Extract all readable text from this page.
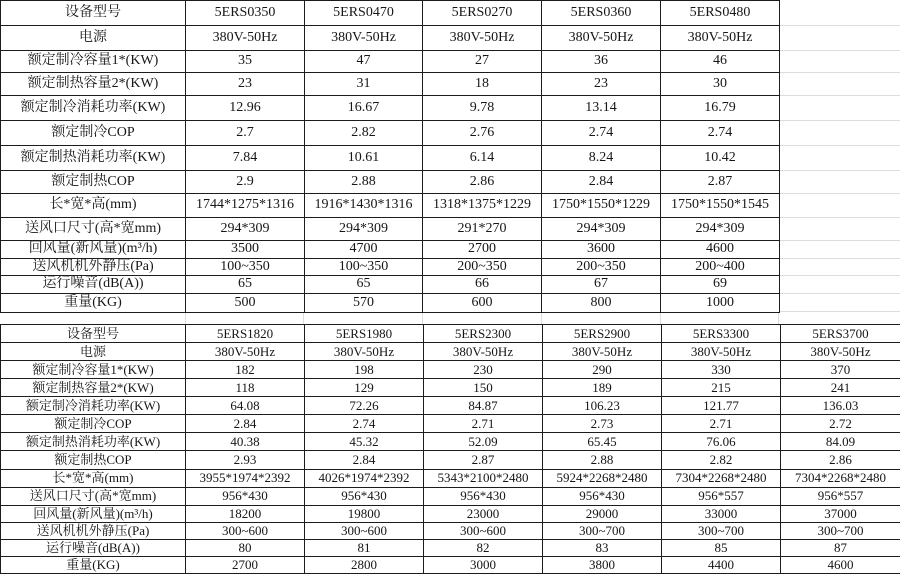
设备型号	5ERS0350	5ERS0470	5ERS0270	5ERS0360	5ERS0480
电源	380V-50Hz	380V-50Hz	380V-50Hz	380V-50Hz	380V-50Hz
额定制冷容量1*(KW)	35	47	27	36	46
额定制热容量2*(KW)	23	31	18	23	30
额定制冷消耗功率(KW)	12.96	16.67	9.78	13.14	16.79
额定制冷COP	2.7	2.82	2.76	2.74	2.74
额定制热消耗功率(KW)	7.84	10.61	6.14	8.24	10.42
额定制热COP	2.9	2.88	2.86	2.84	2.87
长*宽*高(mm)	1744*1275*1316	1916*1430*1316	1318*1375*1229	1750*1550*1229	1750*1550*1545
送风口尺寸(高*宽mm)	294*309	294*309	291*270	294*309	294*309
回风量(新风量)(m³/h)	3500	4700	2700	3600	4600
送风机机外静压(Pa)	100~350	100~350	200~350	200~350	200~400
运行噪音(dB(A))	65	65	66	67	69
重量(KG)	500	570	600	800	1000
设备型号	5ERS1820	5ERS1980	5ERS2300	5ERS2900	5ERS3300	5ERS3700
电源	380V-50Hz	380V-50Hz	380V-50Hz	380V-50Hz	380V-50Hz	380V-50Hz
额定制冷容量1*(KW)	182	198	230	290	330	370
额定制热容量2*(KW)	118	129	150	189	215	241
额定制冷消耗功率(KW)	64.08	72.26	84.87	106.23	121.77	136.03
额定制冷COP	2.84	2.74	2.71	2.73	2.71	2.72
额定制热消耗功率(KW)	40.38	45.32	52.09	65.45	76.06	84.09
额定制热COP	2.93	2.84	2.87	2.88	2.82	2.86
长*宽*高(mm)	3955*1974*2392	4026*1974*2392	5343*2100*2480	5924*2268*2480	7304*2268*2480	7304*2268*2480
送风口尺寸(高*宽mm)	956*430	956*430	956*430	956*430	956*557	956*557
回风量(新风量)(m³/h)	18200	19800	23000	29000	33000	37000
送风机机外静压(Pa)	300~600	300~600	300~600	300~700	300~700	300~700
运行噪音(dB(A))	80	81	82	83	85	87
重量(KG)	2700	2800	3000	3800	4400	4600
